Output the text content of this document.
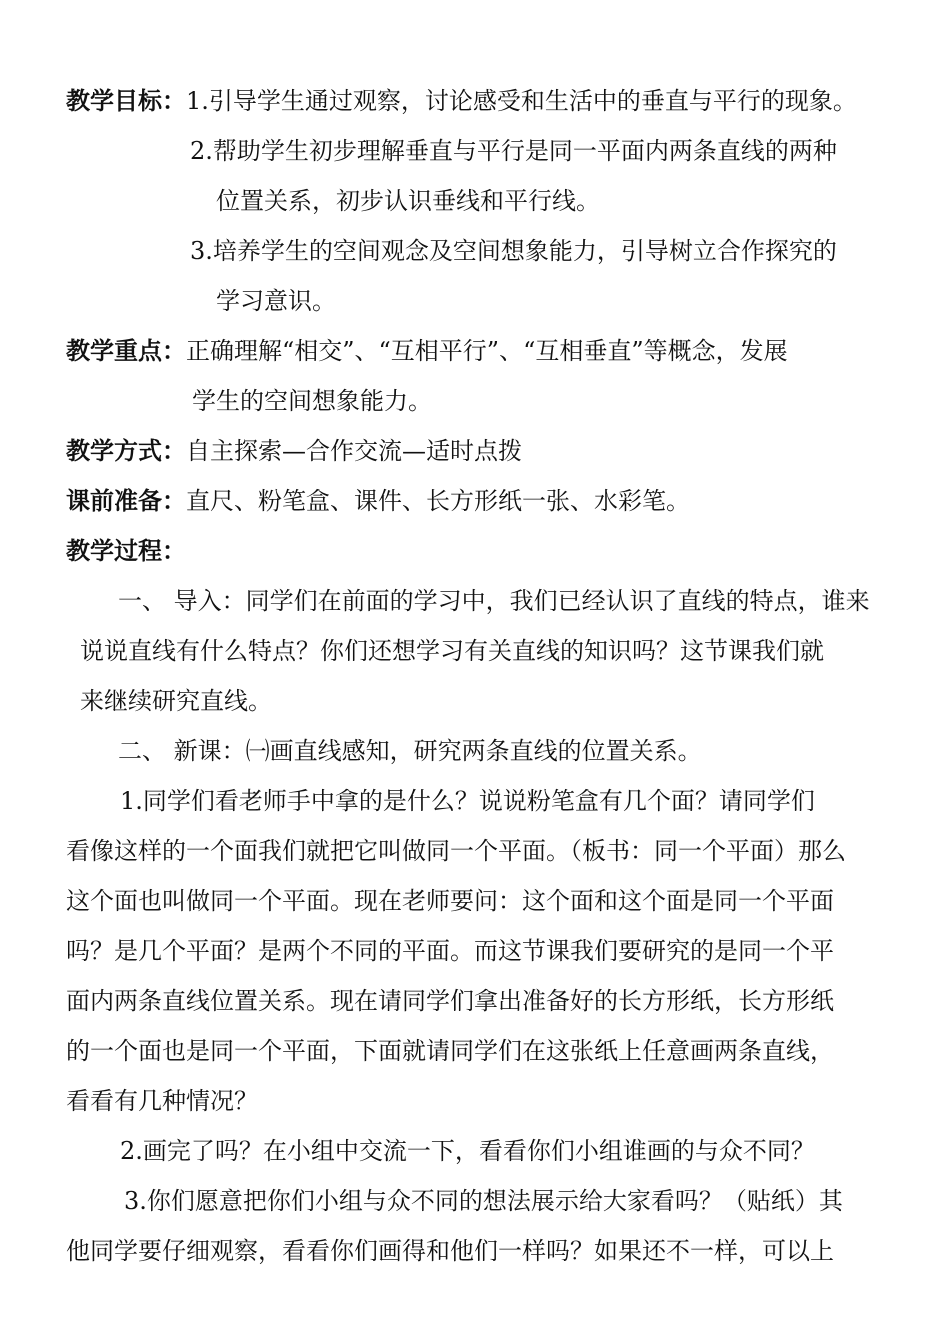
教学目标：1.引导学生通过观察，讨论感受和生活中的垂直与平行的现象。
2.帮助学生初步理解垂直与平行是同一平面内两条直线的两种
位置关系，初步认识垂线和平行线。
3.培养学生的空间观念及空间想象能力，引导树立合作探究的
学习意识。
教学重点：正确理解“相交”、“互相平行”、“互相垂直”等概念，发展
学生的空间想象能力。
教学方式：自主探索—合作交流—适时点拨
课前准备：直尺、粉笔盒、课件、长方形纸一张、水彩笔。
教学过程：
一、 导入：同学们在前面的学习中，我们已经认识了直线的特点，谁来
说说直线有什么特点？你们还想学习有关直线的知识吗？这节课我们就
来继续研究直线。
二、 新课：㈠画直线感知，研究两条直线的位置关系。
1.同学们看老师手中拿的是什么？说说粉笔盒有几个面？请同学们
看像这样的一个面我们就把它叫做同一个平面。（板书：同一个平面）那么
这个面也叫做同一个平面。现在老师要问：这个面和这个面是同一个平面
吗？是几个平面？是两个不同的平面。而这节课我们要研究的是同一个平
面内两条直线位置关系。现在请同学们拿出准备好的长方形纸，长方形纸
的一个面也是同一个平面，下面就请同学们在这张纸上任意画两条直线，
看看有几种情况？
2.画完了吗？在小组中交流一下，看看你们小组谁画的与众不同？
3.你们愿意把你们小组与众不同的想法展示给大家看吗？（贴纸）其
他同学要仔细观察，看看你们画得和他们一样吗？如果还不一样，可以上
